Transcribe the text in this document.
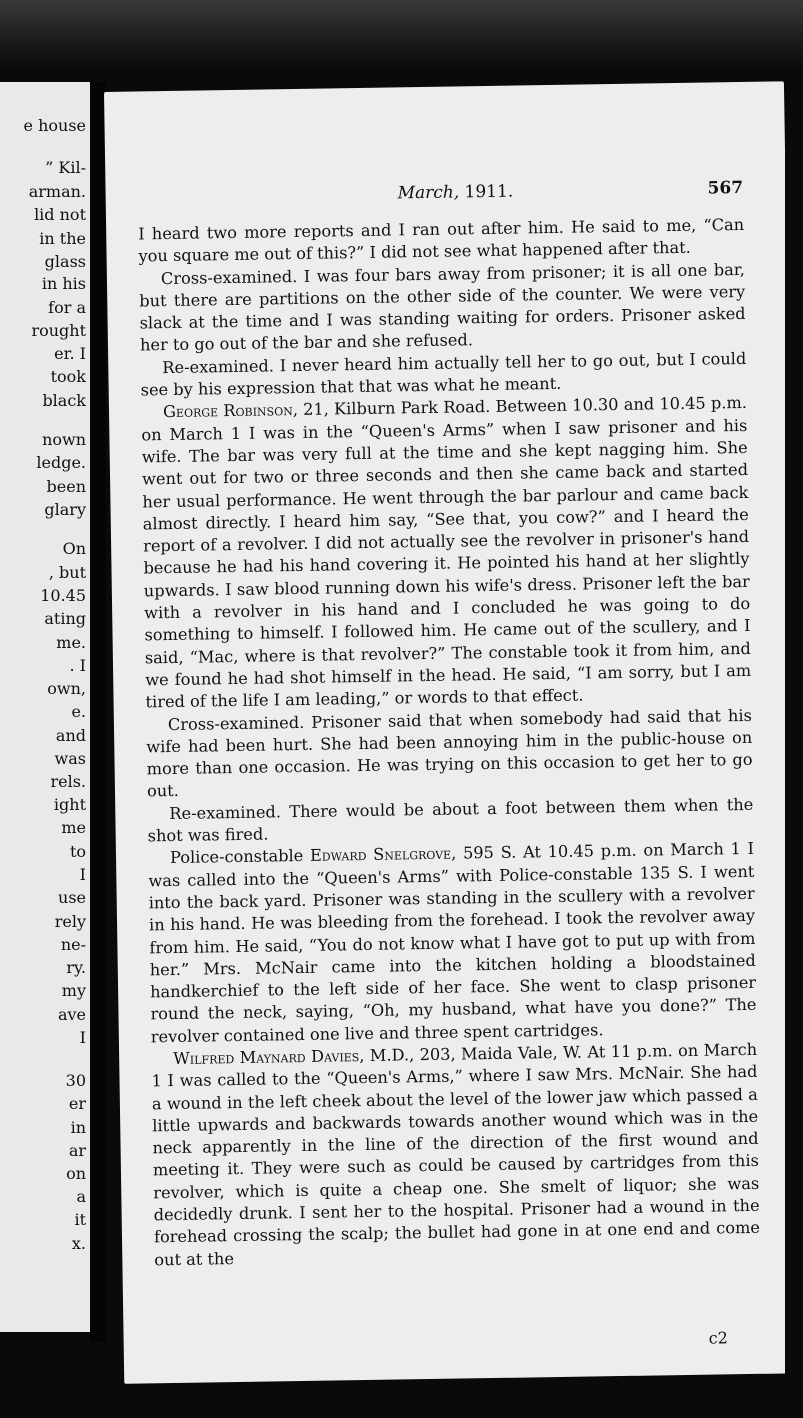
e house
” Kil-
arman.
lid not
in the
glass
in his
for a
rought
er. I
took
black
nown
ledge.
been
glary
On
, but
10.45
ating
me.
. I
own,
e.
and
was
rels.
ight
me
to
I
use
rely
ne-
ry.
my
ave
I
30
er
in
ar
on
a
it
x.
March, 1911.	567

I heard two more reports and I ran out after him. He said to me, “Can you square me out of this?” I did not see what happened after that.

Cross-examined. I was four bars away from prisoner; it is all one bar, but there are partitions on the other side of the counter. We were very slack at the time and I was standing waiting for orders. Prisoner asked her to go out of the bar and she refused.

Re-examined. I never heard him actually tell her to go out, but I could see by his expression that that was what he meant.

George Robinson, 21, Kilburn Park Road. Between 10.30 and 10.45 p.m. on March 1 I was in the “Queen's Arms” when I saw prisoner and his wife. The bar was very full at the time and she kept nagging him. She went out for two or three seconds and then she came back and started her usual performance. He went through the bar parlour and came back almost directly. I heard him say, “See that, you cow?” and I heard the report of a revolver. I did not actually see the revolver in prisoner's hand because he had his hand covering it. He pointed his hand at her slightly upwards. I saw blood running down his wife's dress. Prisoner left the bar with a revolver in his hand and I concluded he was going to do something to himself. I followed him. He came out of the scullery, and I said, “Mac, where is that revolver?” The constable took it from him, and we found he had shot himself in the head. He said, “I am sorry, but I am tired of the life I am leading,” or words to that effect.

Cross-examined. Prisoner said that when somebody had said that his wife had been hurt. She had been annoying him in the public-house on more than one occasion. He was trying on this occasion to get her to go out.

Re-examined. There would be about a foot between them when the shot was fired.

Police-constable Edward Snelgrove, 595 S. At 10.45 p.m. on March 1 I was called into the “Queen's Arms” with Police-constable 135 S. I went into the back yard. Prisoner was standing in the scullery with a revolver in his hand. He was bleeding from the forehead. I took the revolver away from him. He said, “You do not know what I have got to put up with from her.” Mrs. McNair came into the kitchen holding a bloodstained handkerchief to the left side of her face. She went to clasp prisoner round the neck, saying, “Oh, my husband, what have you done?” The revolver contained one live and three spent cartridges.

Wilfred Maynard Davies, M.D., 203, Maida Vale, W. At 11 p.m. on March 1 I was called to the “Queen's Arms,” where I saw Mrs. McNair. She had a wound in the left cheek about the level of the lower jaw which passed a little upwards and backwards towards another wound which was in the neck apparently in the line of the direction of the first wound and meeting it. They were such as could be caused by cartridges from this revolver, which is quite a cheap one. She smelt of liquor; she was decidedly drunk. I sent her to the hospital. Prisoner had a wound in the forehead crossing the scalp; the bullet had gone in at one end and come out at the

c2
